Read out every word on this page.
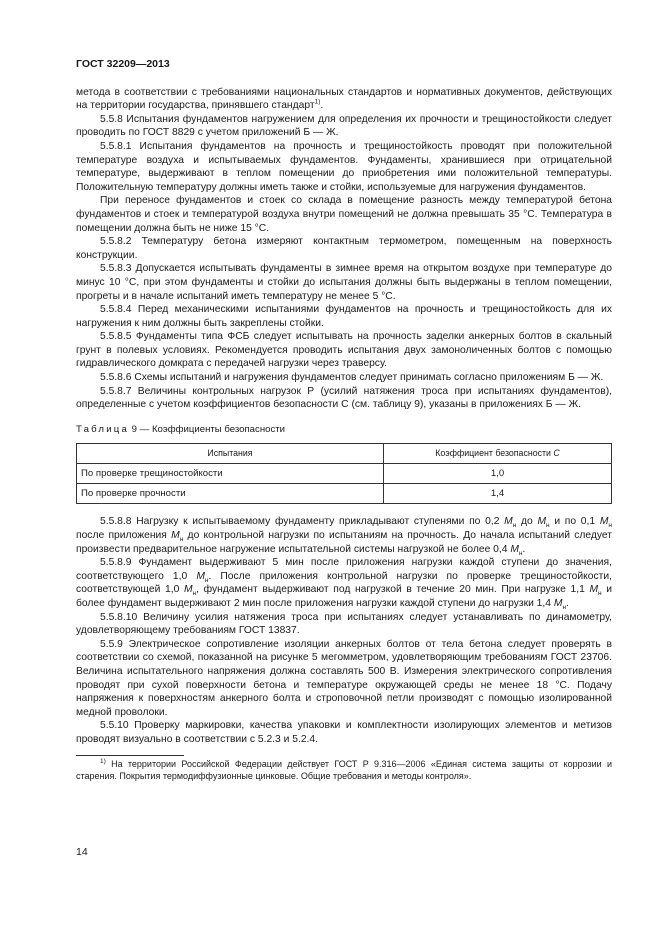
ГОСТ 32209—2013

метода в соответствии с требованиями национальных стандартов и нормативных документов, действующих на территории государства, принявшего стандарт$^{1)}$.

5.5.8 Испытания фундаментов нагружением для определения их прочности и трещиностойкости следует проводить по ГОСТ 8829 с учетом приложений Б — Ж.

5.5.8.1 Испытания фундаментов на прочность и трещиностойкость проводят при положительной температуре воздуха и испытываемых фундаментов. Фундаменты, хранившиеся при отрицательной температуре, выдерживают в теплом помещении до приобретения ими положительной температуры. Положительную температуру должны иметь также и стойки, используемые для нагружения фундаментов.

При переносе фундаментов и стоек со склада в помещение разность между температурой бетона фундаментов и стоек и температурой воздуха внутри помещений не должна превышать 35 °C. Температура в помещении должна быть не ниже 15 °C.

5.5.8.2 Температуру бетона измеряют контактным термометром, помещенным на поверхность конструкции.

5.5.8.3 Допускается испытывать фундаменты в зимнее время на открытом воздухе при температуре до минус 10 °C, при этом фундаменты и стойки до испытания должны быть выдержаны в теплом помещении, прогреты и в начале испытаний иметь температуру не менее 5 °C.

5.5.8.4 Перед механическими испытаниями фундаментов на прочность и трещиностойкость для их нагружения к ним должны быть закреплены стойки.

5.5.8.5 Фундаменты типа ФСБ следует испытывать на прочность заделки анкерных болтов в скальный грунт в полевых условиях. Рекомендуется проводить испытания двух замоноличенных болтов с помощью гидравлического домкрата с передачей нагрузки через траверсу.

5.5.8.6 Схемы испытаний и нагружения фундаментов следует принимать согласно приложениям Б — Ж.

5.5.8.7 Величины контрольных нагрузок Р (усилий натяжения троса при испытаниях фундаментов), определенные с учетом коэффициентов безопасности С (см. таблицу 9), указаны в приложениях Б — Ж.

Таблица 9 — Коэффициенты безопасности
Испытания	Коэффициент безопасности C
По проверке трещиностойкости	1,0
По проверке прочности	1,4

5.5.8.8 Нагрузку к испытываемому фундаменту прикладывают ступенями по 0,2 $M_н$ до $M_н$ и по 0,1 $M_н$ после приложения $M_н$ до контрольной нагрузки по испытаниям на прочность. До начала испытаний следует произвести предварительное нагружение испытательной системы нагрузкой не более 0,4 $M_н$.

5.5.8.9 Фундамент выдерживают 5 мин после приложения нагрузки каждой ступени до значения, соответствующего 1,0 $M_н$. После приложения контрольной нагрузки по проверке трещиностойкости, соответствующей 1,0 $M_н$, фундамент выдерживают под нагрузкой в течение 20 мин. При нагрузке 1,1 $M_н$ и более фундамент выдерживают 2 мин после приложения нагрузки каждой ступени до нагрузки 1,4 $M_н$.

5.5.8.10 Величину усилия натяжения троса при испытаниях следует устанавливать по динамометру, удовлетворяющему требованиям ГОСТ 13837.

5.5.9 Электрическое сопротивление изоляции анкерных болтов от тела бетона следует проверять в соответствии со схемой, показанной на рисунке 5 мегомметром, удовлетворяющим требованиям ГОСТ 23706. Величина испытательного напряжения должна составлять 500 В. Измерения электрического сопротивления проводят при сухой поверхности бетона и температуре окружающей среды не менее 18 °C. Подачу напряжения к поверхностям анкерного болта и строповочной петли производят с помощью изолированной медной проволоки.

5.5.10 Проверку маркировки, качества упаковки и комплектности изолирующих элементов и метизов проводят визуально в соответствии с 5.2.3 и 5.2.4.

$^{1)}$ На территории Российской Федерации действует ГОСТ Р 9.316—2006 «Единая система защиты от коррозии и старения. Покрытия термодиффузионные цинковые. Общие требования и методы контроля».

14
